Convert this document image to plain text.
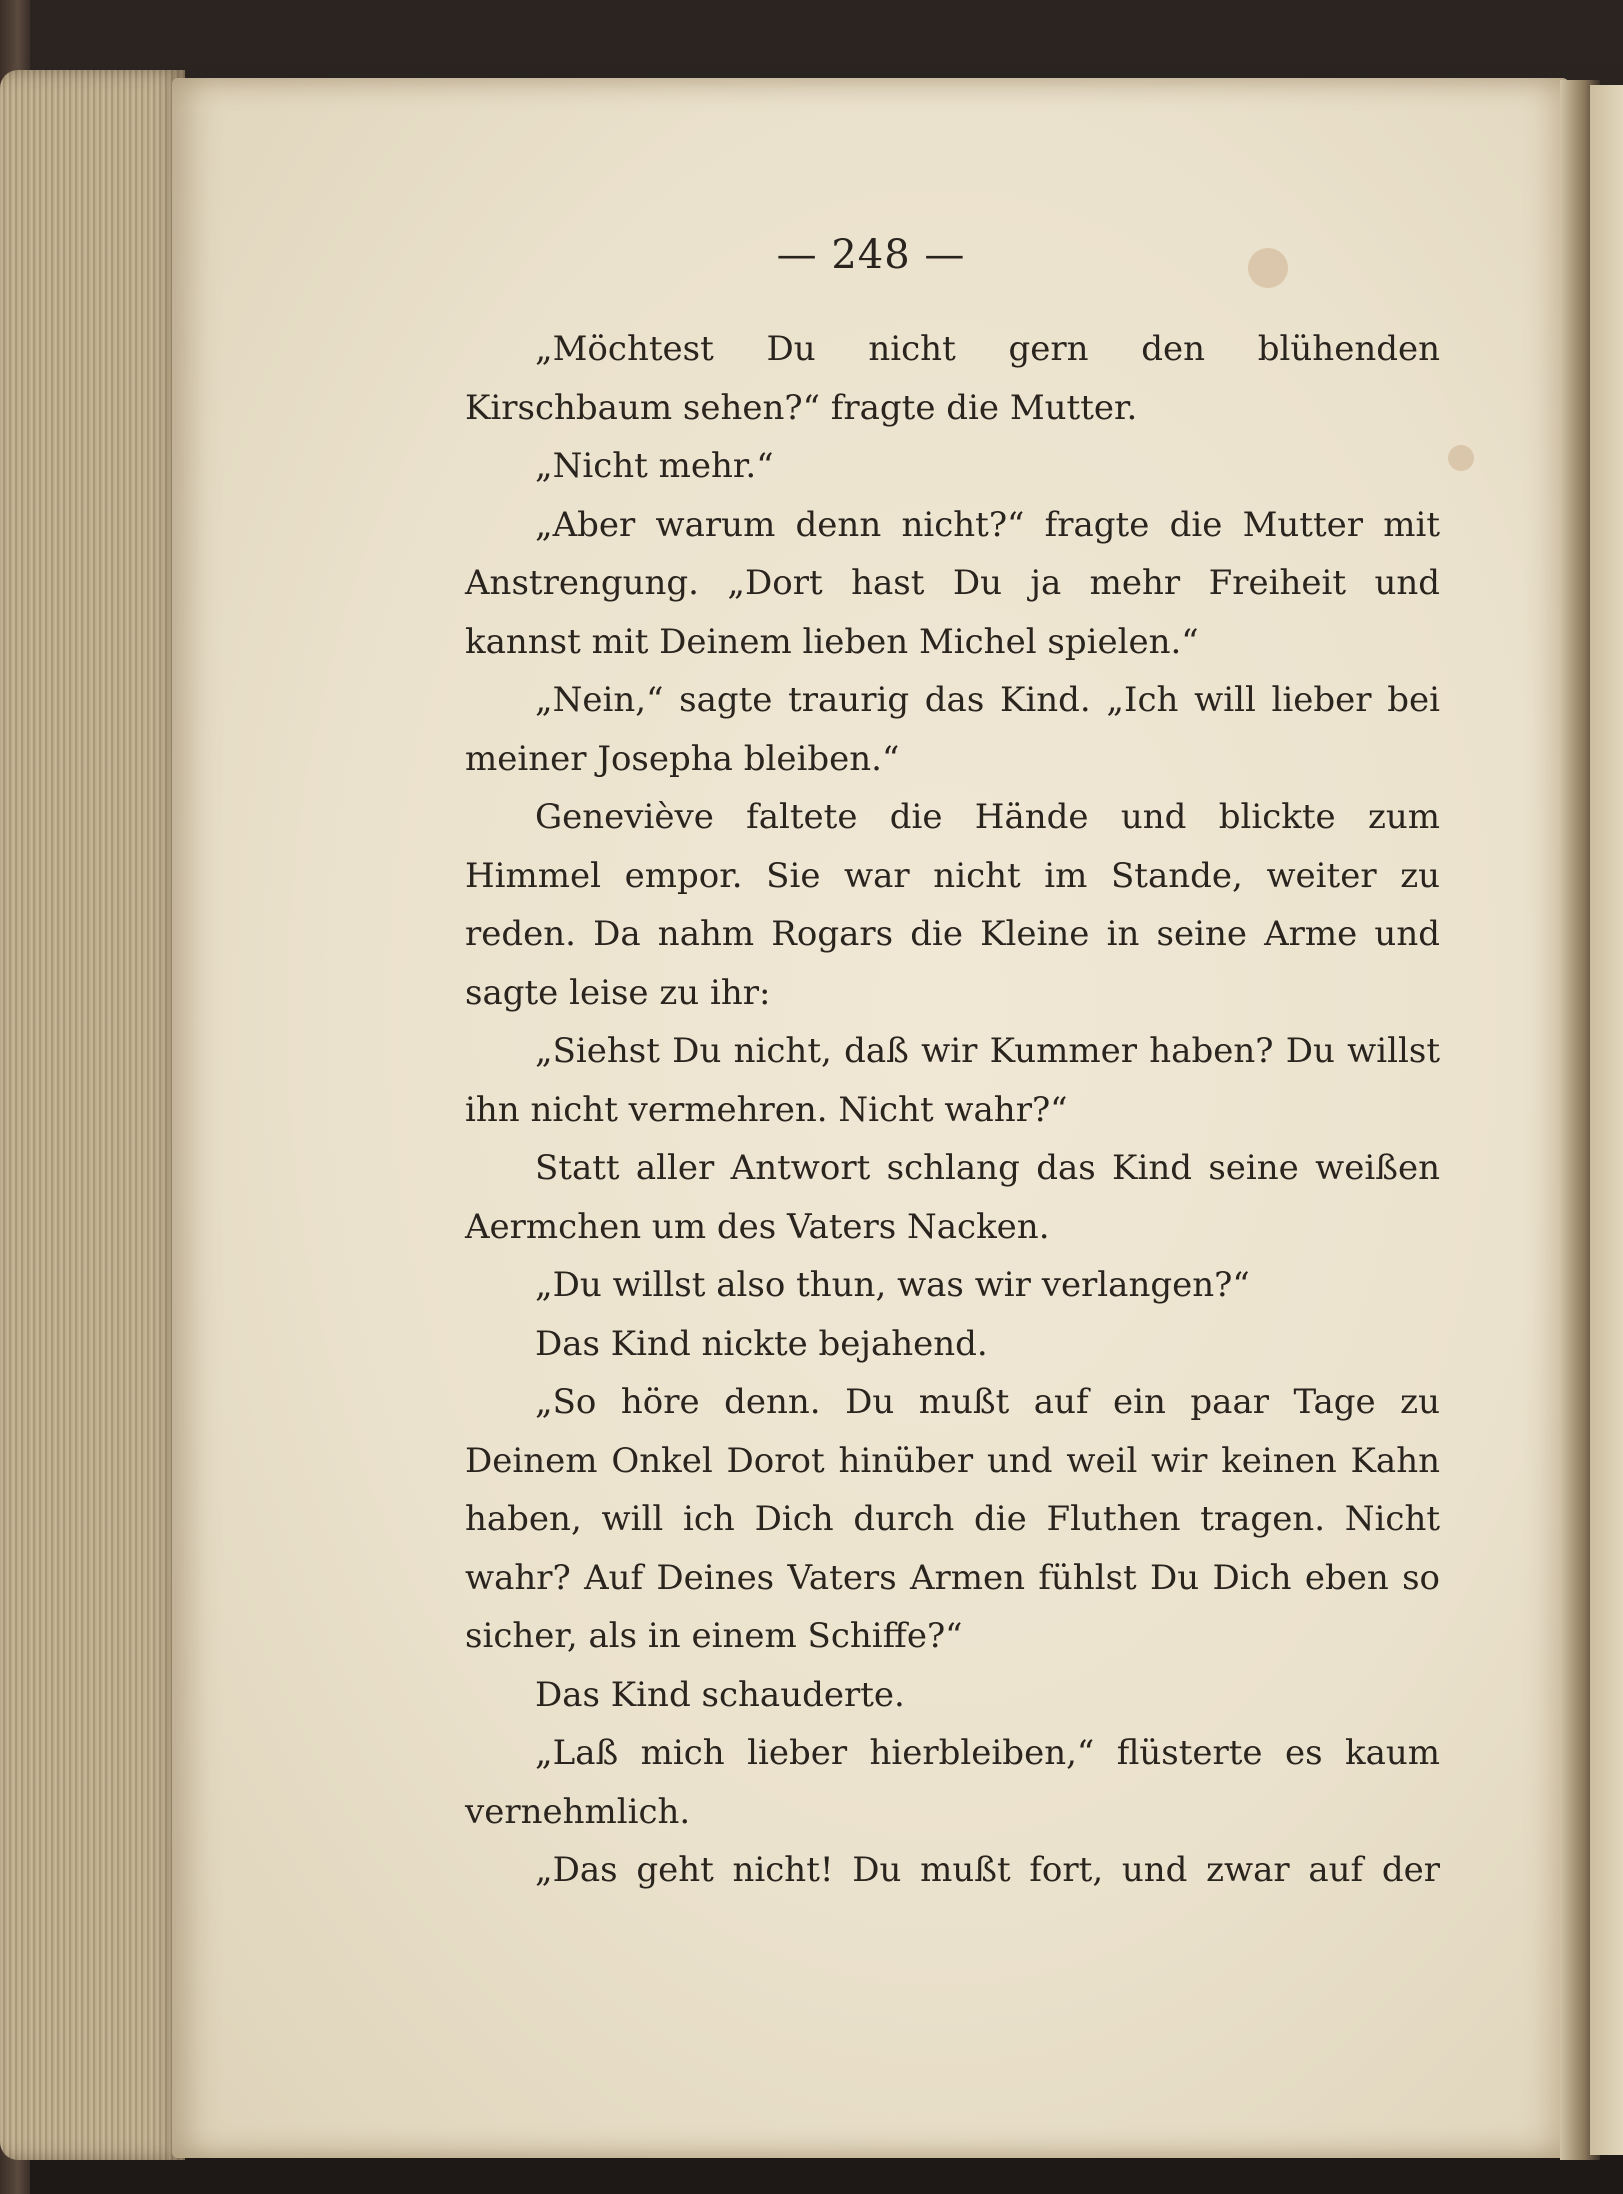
— 248 —

„Möchtest Du nicht gern den blühenden Kirschbaum sehen?“ fragte die Mutter.

„Nicht mehr.“

„Aber warum denn nicht?“ fragte die Mutter mit Anstrengung. „Dort hast Du ja mehr Freiheit und kannst mit Deinem lieben Michel spielen.“

„Nein,“ sagte traurig das Kind. „Ich will lieber bei meiner Josepha bleiben.“

Geneviève faltete die Hände und blickte zum Himmel empor. Sie war nicht im Stande, weiter zu reden. Da nahm Rogars die Kleine in seine Arme und sagte leise zu ihr:

„Siehst Du nicht, daß wir Kummer haben? Du willst ihn nicht vermehren. Nicht wahr?“

Statt aller Antwort schlang das Kind seine weißen Aermchen um des Vaters Nacken.

„Du willst also thun, was wir verlangen?“

Das Kind nickte bejahend.

„So höre denn. Du mußt auf ein paar Tage zu Deinem Onkel Dorot hinüber und weil wir keinen Kahn haben, will ich Dich durch die Fluthen tragen. Nicht wahr? Auf Deines Vaters Armen fühlst Du Dich eben so sicher, als in einem Schiffe?“

Das Kind schauderte.

„Laß mich lieber hierbleiben,“ flüsterte es kaum vernehmlich.

„Das geht nicht! Du mußt fort, und zwar auf der
